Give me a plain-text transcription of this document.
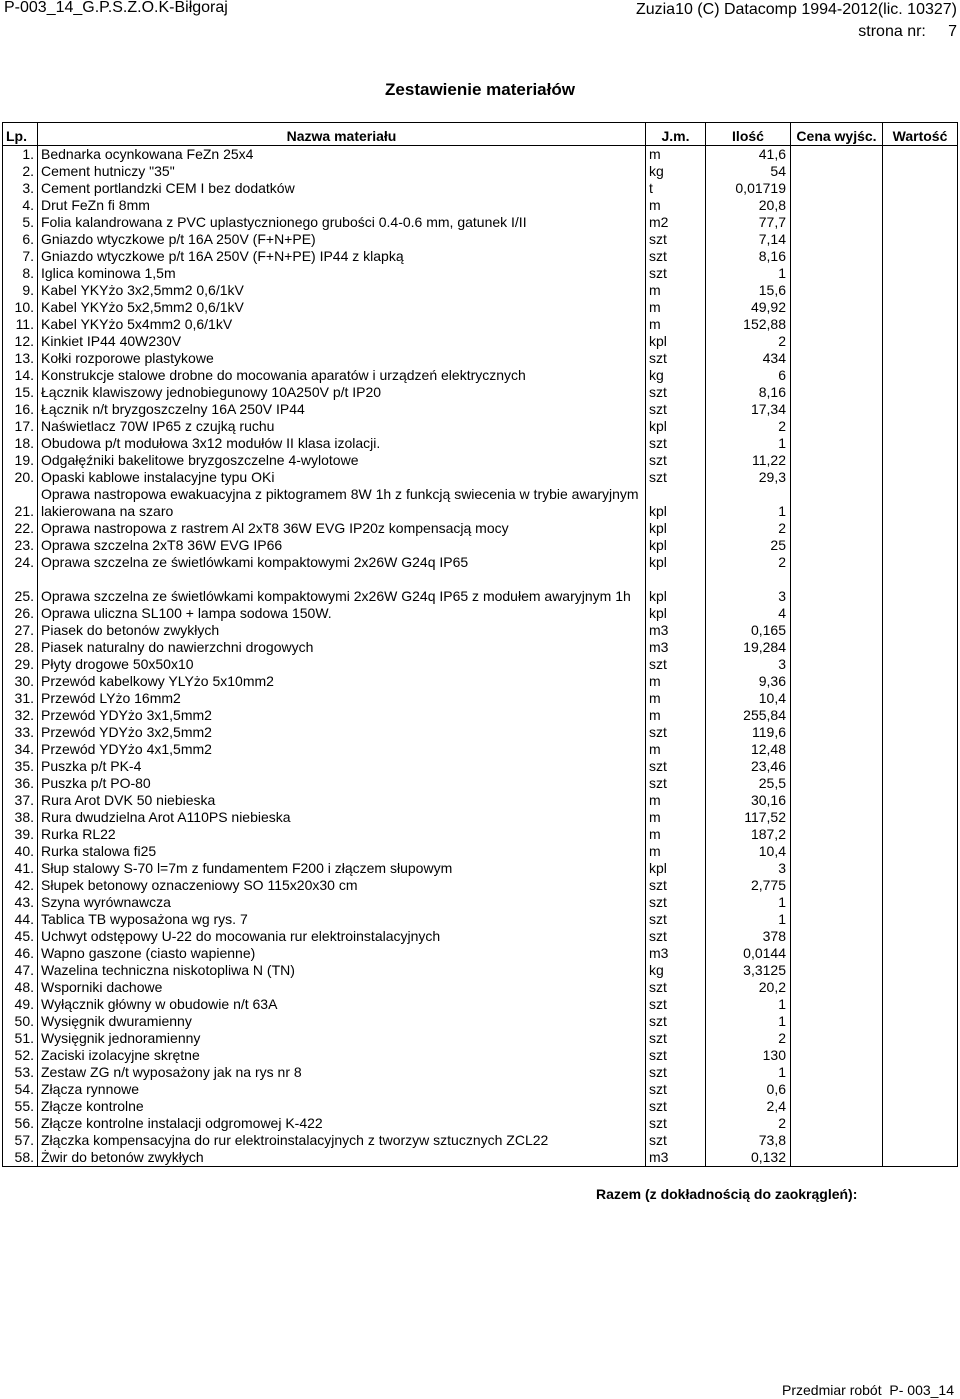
P-003_14_G.P.S.Z.O.K-Biłgoraj	Zuzia10 (C) Datacomp 1994-2012(lic. 10327)
strona nr:     7
Zestawienie materiałów
Lp.	Nazwa materiału	J.m.	Ilość	Cena wyjśc.	Wartość
1.	Bednarka ocynkowana FeZn 25x4	m	41,6		
2.	Cement hutniczy "35"	kg	54		
3.	Cement portlandzki CEM I bez dodatków	t	0,01719		
4.	Drut FeZn fi 8mm	m	20,8		
5.	Folia kalandrowana z PVC uplastycznionego grubości 0.4-0.6 mm, gatunek I/II	m2	77,7		
6.	Gniazdo wtyczkowe p/t 16A 250V (F+N+PE)	szt	7,14		
7.	Gniazdo wtyczkowe p/t 16A 250V (F+N+PE) IP44 z klapką	szt	8,16		
8.	Iglica kominowa 1,5m	szt	1		
9.	Kabel YKYżo 3x2,5mm2 0,6/1kV	m	15,6		
10.	Kabel YKYżo 5x2,5mm2 0,6/1kV	m	49,92		
11.	Kabel YKYżo 5x4mm2 0,6/1kV	m	152,88		
12.	Kinkiet IP44 40W230V	kpl	2		
13.	Kołki rozporowe plastykowe	szt	434		
14.	Konstrukcje stalowe drobne do mocowania aparatów i urządzeń elektrycznych	kg	6		
15.	Łącznik klawiszowy jednobiegunowy 10A250V p/t IP20	szt	8,16		
16.	Łącznik n/t bryzgoszczelny 16A 250V IP44	szt	17,34		
17.	Naświetlacz 70W IP65 z czujką ruchu	kpl	2		
18.	Obudowa p/t modułowa 3x12 modułów II klasa izolacji.	szt	1		
19.	Odgałęźniki bakelitowe bryzgoszczelne 4-wylotowe	szt	11,22		
20.	Opaski kablowe instalacyjne typu OKi	szt	29,3		
21.	Oprawa nastropowa ewakuacyjna z piktogramem 8W 1h z funkcją swiecenia w trybie awaryjnym lakierowana na szaro	kpl	1		
22.	Oprawa nastropowa z rastrem Al 2xT8 36W EVG IP20z kompensacją mocy	kpl	2		
23.	Oprawa szczelna 2xT8 36W EVG IP66	kpl	25		
24.	Oprawa szczelna ze świetlówkami kompaktowymi 2x26W G24q IP65	kpl	2		
25.	Oprawa szczelna ze świetlówkami kompaktowymi 2x26W G24q IP65 z modułem awaryjnym 1h	kpl	3		
26.	Oprawa uliczna SL100 + lampa sodowa 150W.	kpl	4		
27.	Piasek do betonów zwykłych	m3	0,165		
28.	Piasek naturalny do nawierzchni drogowych	m3	19,284		
29.	Płyty drogowe 50x50x10	szt	3		
30.	Przewód kabelkowy YLYżo 5x10mm2	m	9,36		
31.	Przewód LYżo 16mm2	m	10,4		
32.	Przewód YDYżo 3x1,5mm2	m	255,84		
33.	Przewód YDYżo 3x2,5mm2	szt	119,6		
34.	Przewód YDYżo 4x1,5mm2	m	12,48		
35.	Puszka p/t PK-4	szt	23,46		
36.	Puszka p/t PO-80	szt	25,5		
37.	Rura Arot DVK 50 niebieska	m	30,16		
38.	Rura dwudzielna Arot A110PS niebieska	m	117,52		
39.	Rurka RL22	m	187,2		
40.	Rurka stalowa fi25	m	10,4		
41.	Słup stalowy S-70 l=7m z fundamentem F200 i złączem słupowym	kpl	3		
42.	Słupek betonowy oznaczeniowy SO 115x20x30 cm	szt	2,775		
43.	Szyna wyrównawcza	szt	1		
44.	Tablica TB wyposażona wg rys. 7	szt	1		
45.	Uchwyt odstępowy U-22 do mocowania rur elektroinstalacyjnych	szt	378		
46.	Wapno gaszone (ciasto wapienne)	m3	0,0144		
47.	Wazelina techniczna niskotopliwa N (TN)	kg	3,3125		
48.	Wsporniki dachowe	szt	20,2		
49.	Wyłącznik główny w obudowie n/t 63A	szt	1		
50.	Wysięgnik dwuramienny	szt	1		
51.	Wysięgnik jednoramienny	szt	2		
52.	Zaciski izolacyjne skrętne	szt	130		
53.	Zestaw ZG n/t wyposażony jak na rys nr 8	szt	1		
54.	Złącza rynnowe	szt	0,6		
55.	Złącze kontrolne	szt	2,4		
56.	Złącze kontrolne instalacji odgromowej K-422	szt	2		
57.	Złączka kompensacyjna do rur elektroinstalacyjnych z tworzyw sztucznych ZCL22	szt	73,8		
58.	Żwir do betonów zwykłych	m3	0,132		
Razem (z dokładnością do zaokrągleń):
Przedmiar robót  P- 003_14
